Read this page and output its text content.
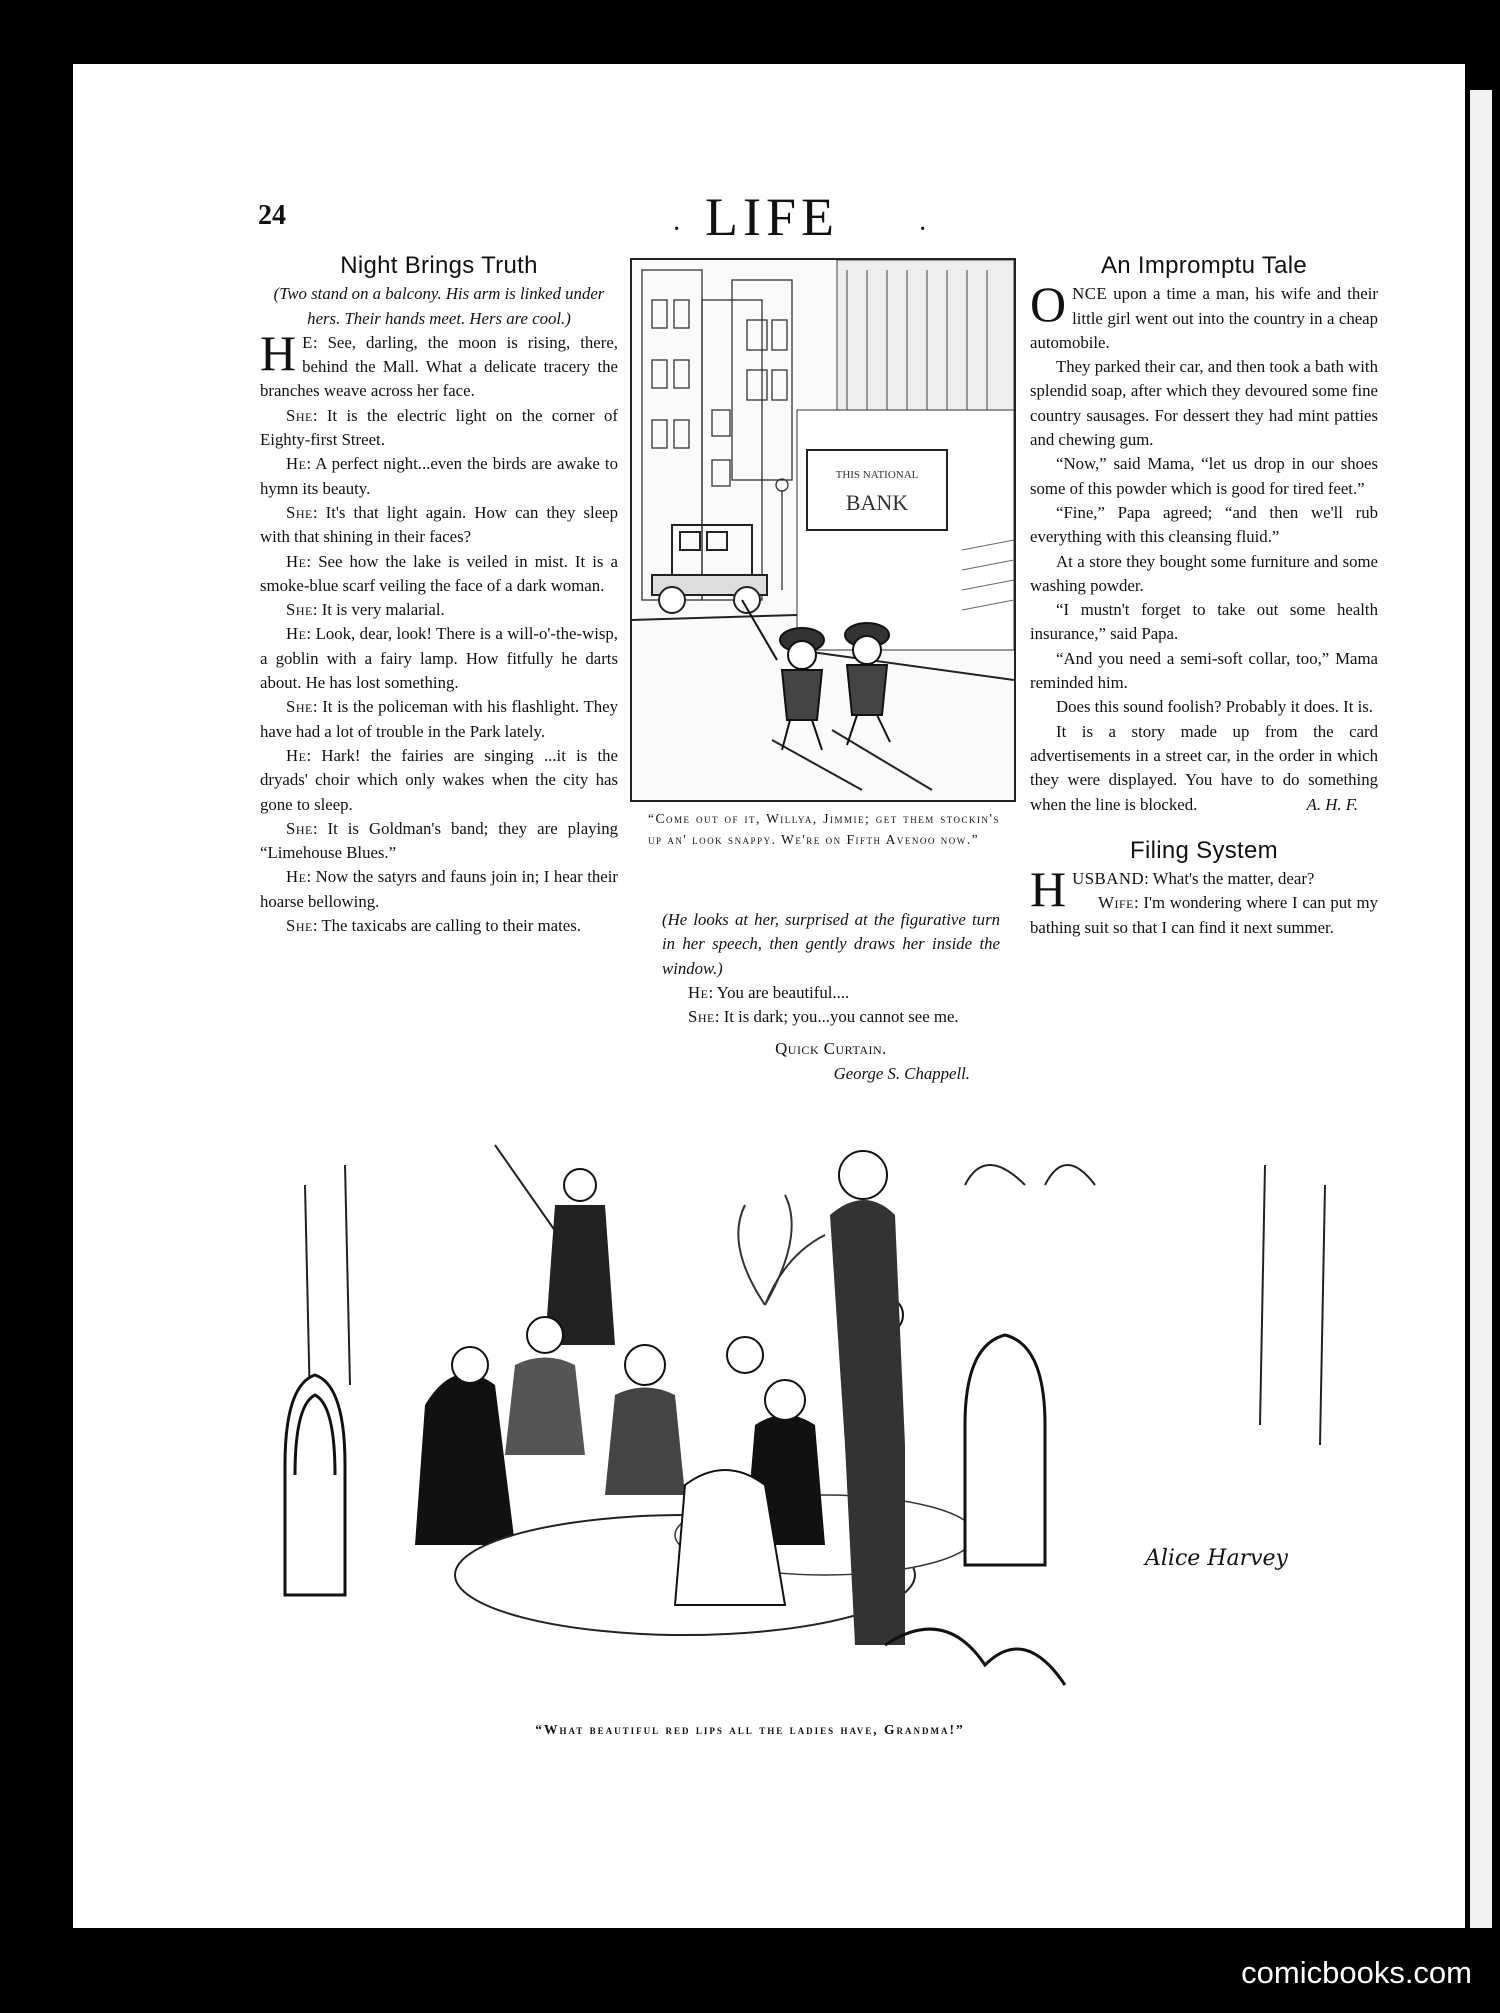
24	· LIFE	·
Night Brings Truth

(Two stand on a balcony. His arm is linked under hers. Their hands meet. Hers are cool.)

H E: See, darling, the moon is rising, there, behind the Mall. What a delicate tracery the branches weave across her face.

She: It is the electric light on the corner of Eighty-first Street.

He: A perfect night...even the birds are awake to hymn its beauty.

She: It's that light again. How can they sleep with that shining in their faces?

He: See how the lake is veiled in mist. It is a smoke-blue scarf veiling the face of a dark woman.

She: It is very malarial.

He: Look, dear, look! There is a will-o'-the-wisp, a goblin with a fairy lamp. How fitfully he darts about. He has lost something.

She: It is the policeman with his flashlight. They have had a lot of trouble in the Park lately.

He: Hark! the fairies are singing ...it is the dryads' choir which only wakes when the city has gone to sleep.

She: It is Goldman's band; they are playing “Limehouse Blues.”

He: Now the satyrs and fauns join in; I hear their hoarse bellowing.

She: The taxicabs are calling to their mates.

THIS NATIONAL
BANK
“Come out of it, Willya, Jimmie; get them stockin's up an' look snappy. We're on Fifth Avenoo now.”

(He looks at her, surprised at the figurative turn in her speech, then gently draws her inside the window.)

He: You are beautiful....

She: It is dark; you...you cannot see me.

Quick Curtain.

George S. Chappell.

An Impromptu Tale

ONCE upon a time a man, his wife and their little girl went out into the country in a cheap automobile.

They parked their car, and then took a bath with splendid soap, after which they devoured some fine country sausages. For dessert they had mint patties and chewing gum.

“Now,” said Mama, “let us drop in our shoes some of this powder which is good for tired feet.”

“Fine,” Papa agreed; “and then we'll rub everything with this cleansing fluid.”

At a store they bought some furniture and some washing powder.

“I mustn't forget to take out some health insurance,” said Papa.

“And you need a semi-soft collar, too,” Mama reminded him.

Does this sound foolish? Probably it does. It is.

It is a story made up from the card advertisements in a street car, in the order in which they were displayed. You have to do something when the line is blocked.	A. H. F.

Filing System

HUSBAND: What's the matter, dear?

Wife: I'm wondering where I can put my bathing suit so that I can find it next summer.

Alice Harvey
“What beautiful red lips all the ladies have, Grandma!”
comicbooks.com
